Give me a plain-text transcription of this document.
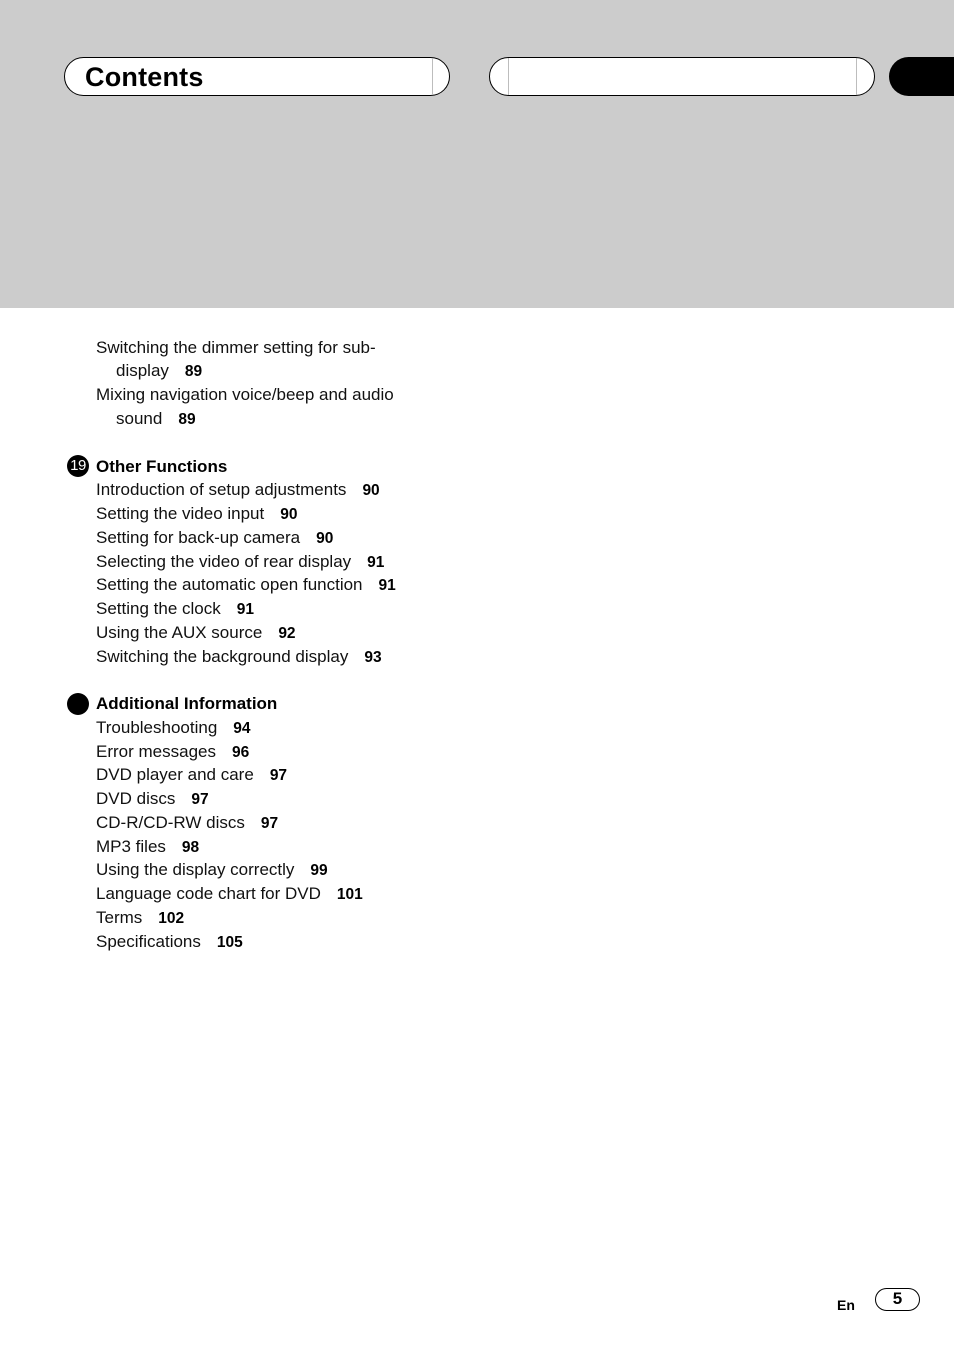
Contents
Switching the dimmer setting for sub-
display 89
Mixing navigation voice/beep and audio
sound 89
19 Other Functions
Introduction of setup adjustments 90
Setting the video input 90
Setting for back-up camera 90
Selecting the video of rear display 91
Setting the automatic open function 91
Setting the clock 91
Using the AUX source 92
Switching the background display 93
Additional Information
Troubleshooting 94
Error messages 96
DVD player and care 97
DVD discs 97
CD-R/CD-RW discs 97
MP3 files 98
Using the display correctly 99
Language code chart for DVD 101
Terms 102
Specifications 105
En	5
